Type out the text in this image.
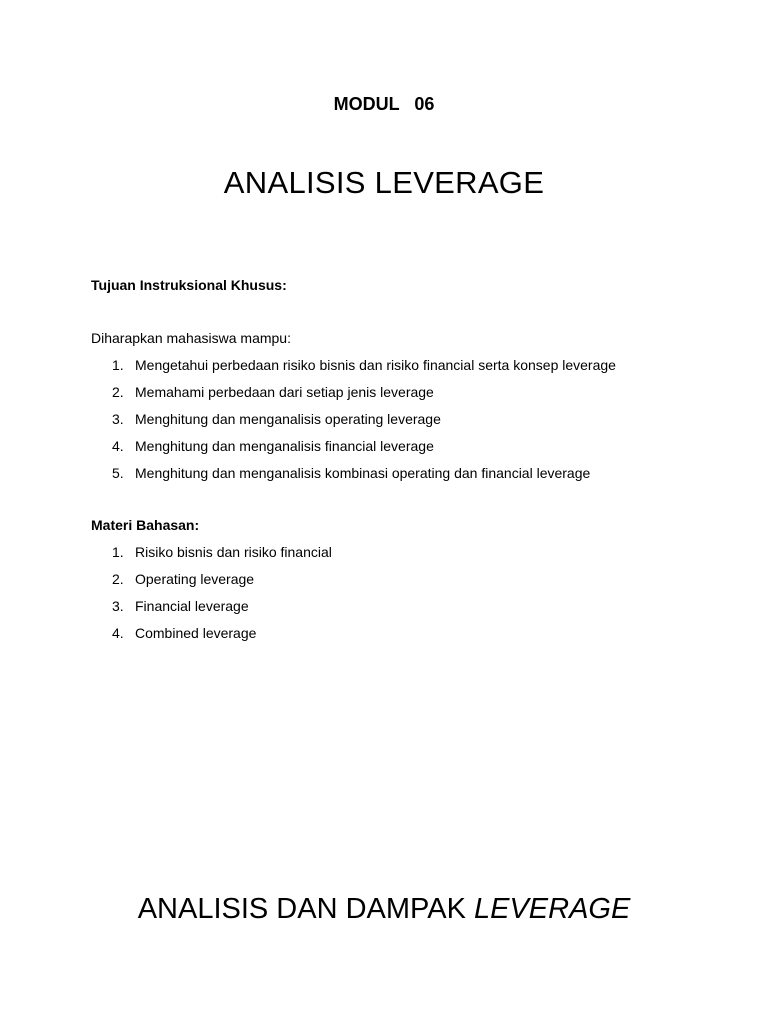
MODUL   06
ANALISIS LEVERAGE
Tujuan Instruksional Khusus:
Diharapkan mahasiswa mampu:
1. Mengetahui perbedaan risiko bisnis dan risiko financial serta konsep leverage
2. Memahami perbedaan dari setiap jenis leverage
3. Menghitung dan menganalisis operating leverage
4. Menghitung dan menganalisis financial leverage
5. Menghitung dan menganalisis kombinasi operating dan financial leverage
Materi Bahasan:
1. Risiko bisnis dan risiko financial
2. Operating leverage
3. Financial leverage
4. Combined leverage
ANALISIS DAN DAMPAK LEVERAGE
